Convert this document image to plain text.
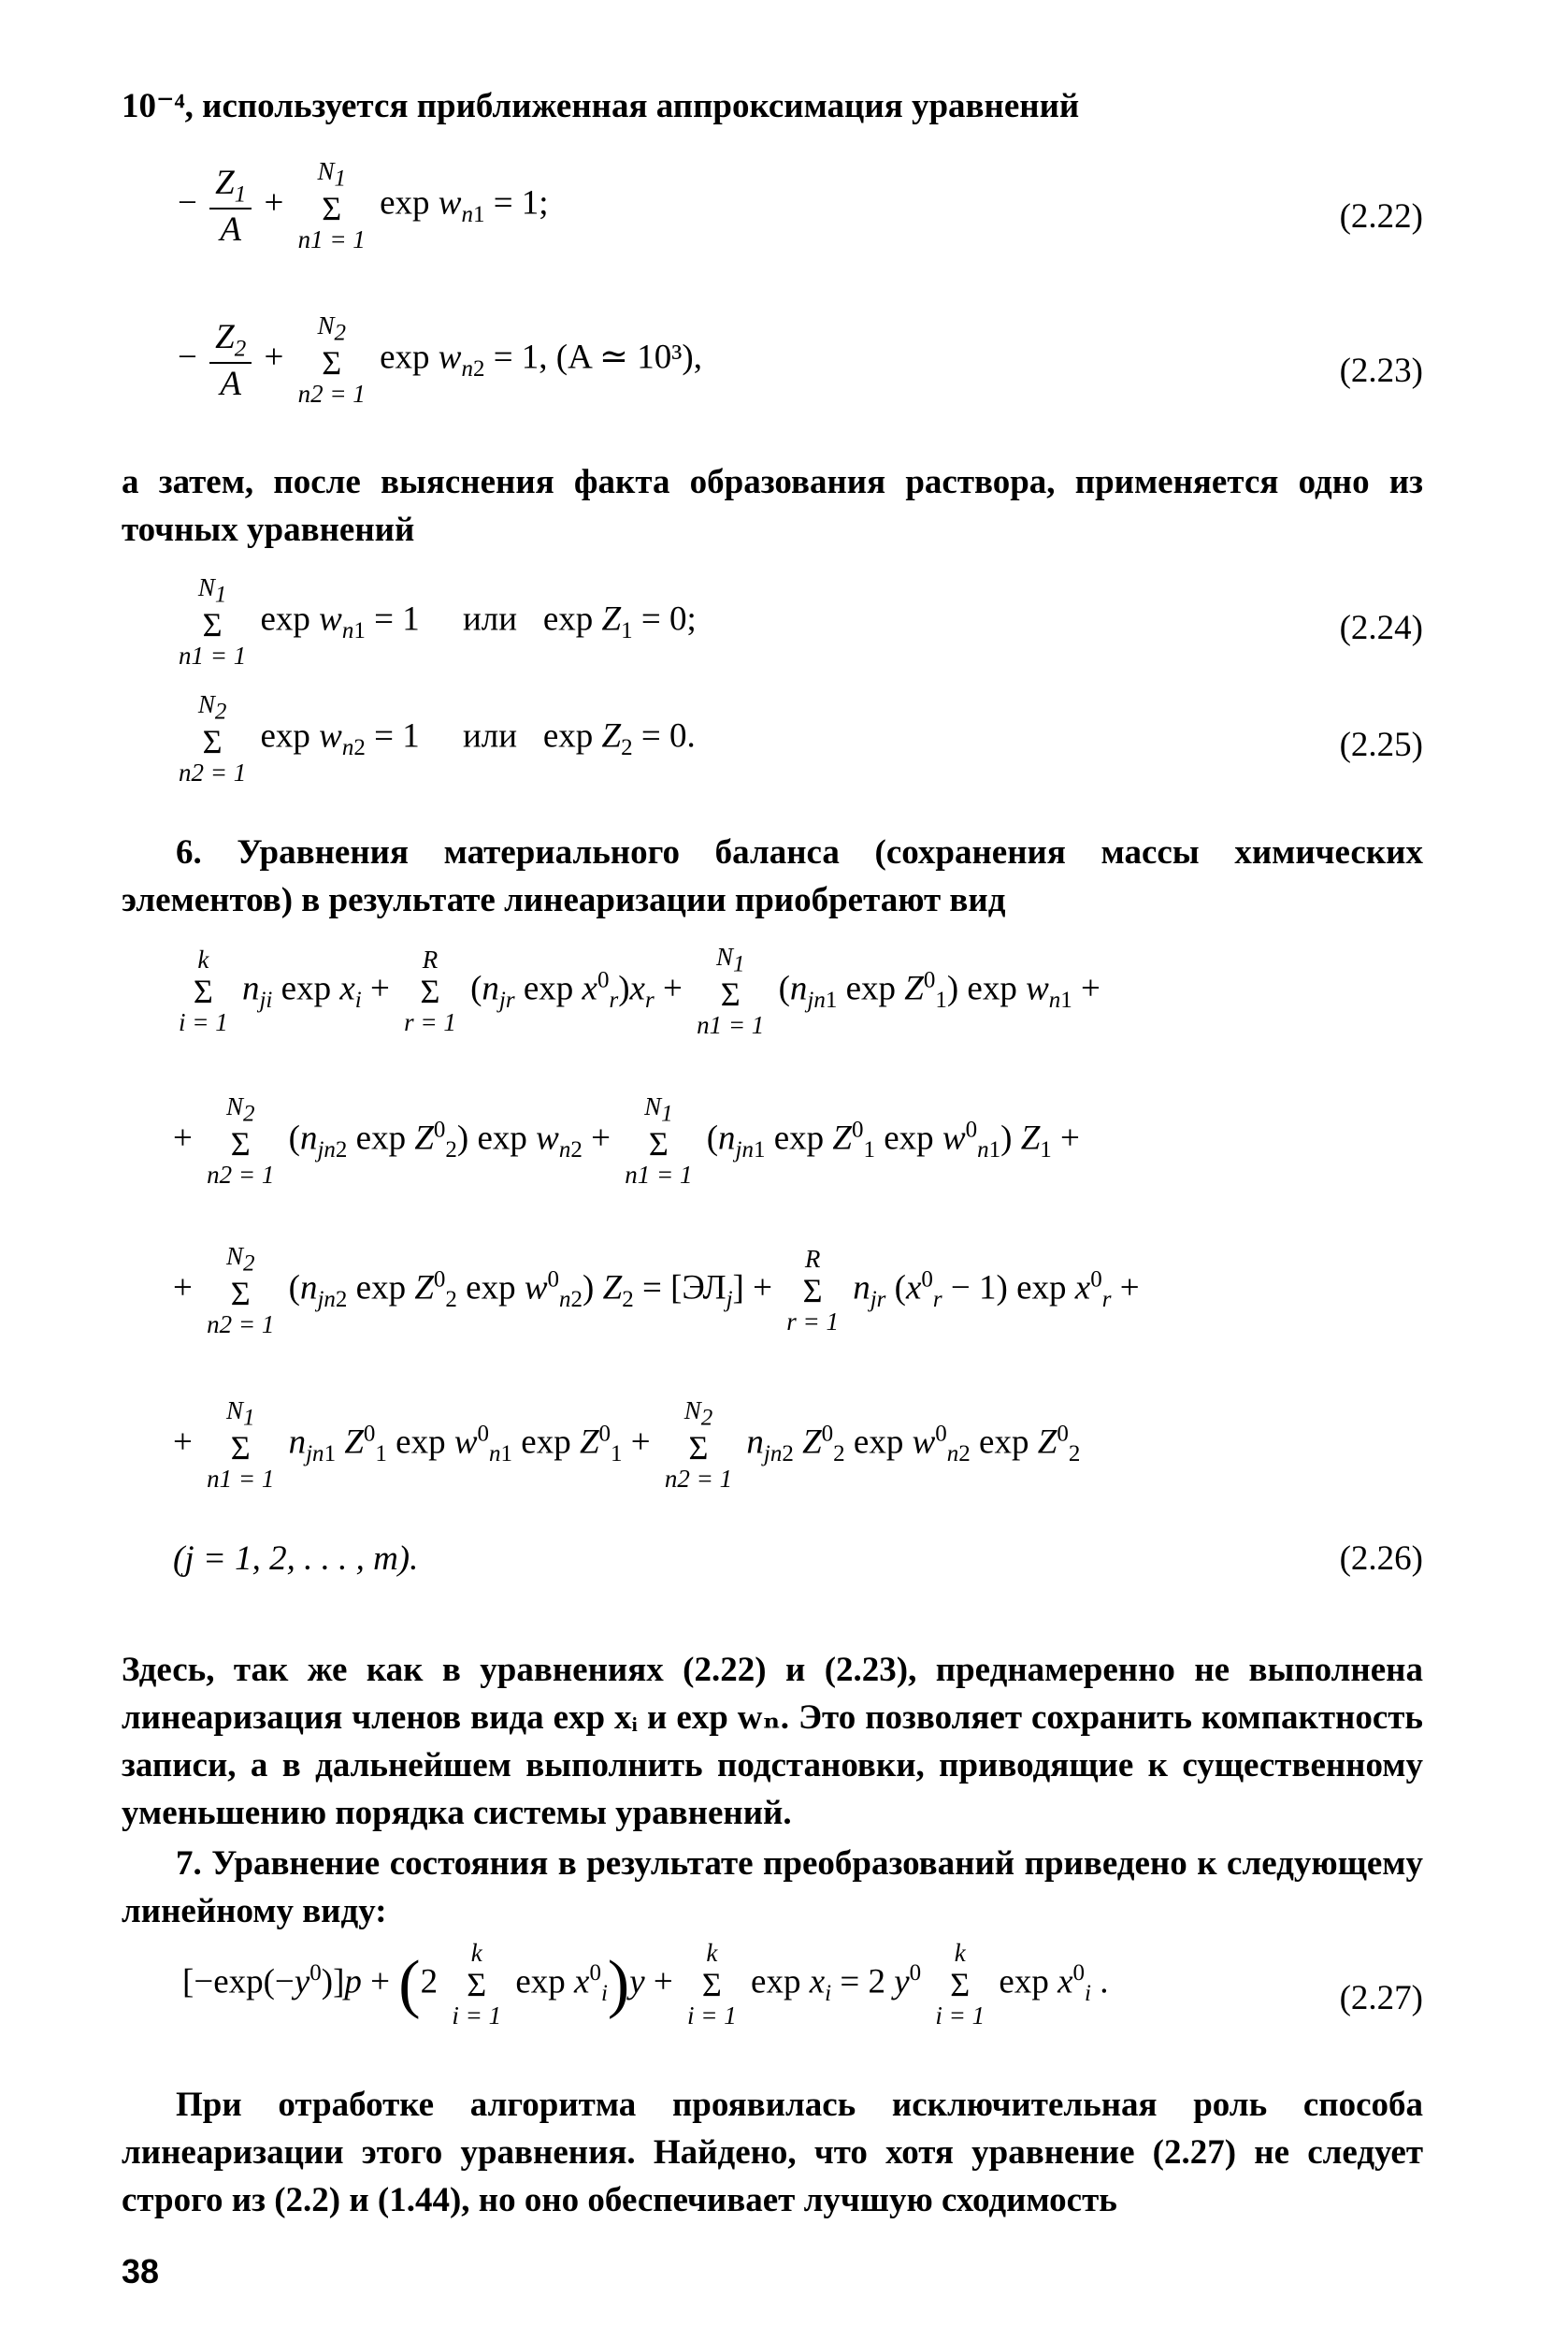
10⁻⁴, используется приближенная аппроксимация уравнений

− $\frac{Z_1}{A}$ +
$N_1$
Σ
n1 = 1
$\exp w_{n1} = 1$;	(2.22)
− $\frac{Z_2}{A}$ +
$N_2$
Σ
n2 = 1
$\exp w_{n2} = 1$, (A ≃ 10³),	(2.23)

а затем, после выяснения факта образования раствора, применяется одно из точных уравнений

$N_1$
Σ
n1 = 1
$\exp w_{n1} = 1$     или   $\exp Z_1 = 0$;	(2.24)
$N_2$
Σ
n2 = 1
$\exp w_{n2} = 1$     или   $\exp Z_2 = 0$.	(2.25)

6. Уравнения материального баланса (сохранения массы химических элементов) в результате линеаризации приобретают вид

k
Σ
i = 1
$n_{ji}$ $\exp x_i$ +
R
Σ
r = 1
($n_{jr}$ $\exp x^0_r)x_r$ +
$N_1$
Σ
n1 = 1
($n_{jn1}$ $\exp Z^0_1$) $\exp w_{n1}$ +
+
$N_2$
Σ
n2 = 1
($n_{jn2}$ $\exp Z^0_2$) $\exp w_{n2}$ +
$N_1$
Σ
n1 = 1
($n_{jn1}$ $\exp Z^0_1$ $\exp w^0_{n1}$) $Z_1$ +
+
$N_2$
Σ
n2 = 1
($n_{jn2}$ $\exp Z^0_2$ $\exp w^0_{n2}$) $Z_2 = [ЭЛ_j]$ +
R
Σ
r = 1
$n_{jr}$ $(x^0_r - 1)$ $\exp x^0_r$ +
+
$N_1$
Σ
n1 = 1
$n_{jn1}$ $Z^0_1$ $\exp w^0_{n1}$ $\exp Z^0_1$ +
$N_2$
Σ
n2 = 1
$n_{jn2}$ $Z^0_2$ $\exp w^0_{n2}$ $\exp Z^0_2$
(j = 1, 2, . . . , m).	(2.26)

Здесь, так же как в уравнениях (2.22) и (2.23), преднамеренно не выполнена линеаризация членов вида exp xᵢ и exp wₙ. Это позволяет сохранить компактность записи, а в дальнейшем выполнить подстановки, приводящие к существенному уменьшению порядка системы уравнений.

7. Уравнение состояния в результате преобразований приведено к следующему линейному виду:

$[-\exp(-y^0)]p + (2$
k
Σ
i = 1
$\exp x^0_i)y$ +
k
Σ
i = 1
$\exp x_i = 2$ $y^0$
k
Σ
i = 1
$\exp x^0_i$ .	(2.27)

При отработке алгоритма проявилась исключительная роль способа линеаризации этого уравнения. Найдено, что хотя уравнение (2.27) не следует строго из (2.2) и (1.44), но оно обеспечивает лучшую сходимость

38
